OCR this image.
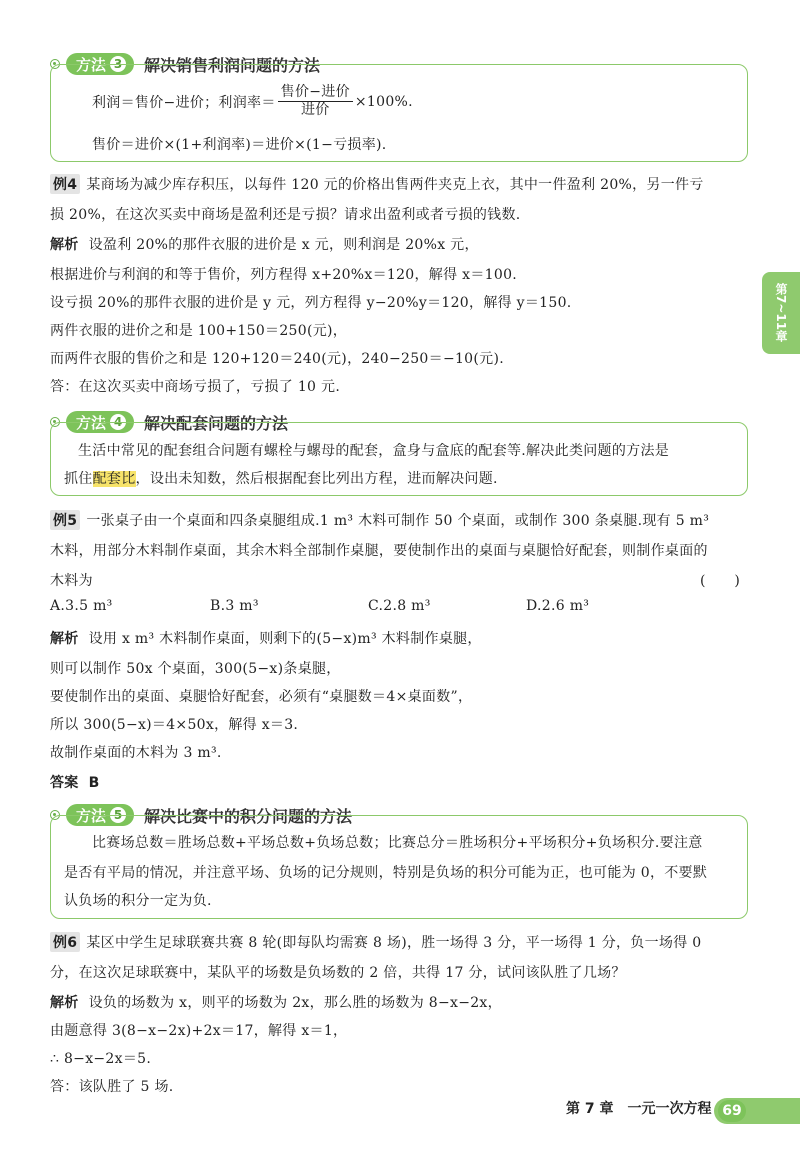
方法 3 解决销售利润问题的方法
利润＝售价−进价；利润率＝ $\frac{\text{售价−进价}}{\text{进价}} \times 100\%$.
售价＝进价×(1+利润率)＝进价×(1−亏损率).
例4 某商场为减少库存积压，以每件 120 元的价格出售两件夹克上衣，其中一件盈利 20%，另一件亏
损 20%，在这次买卖中商场是盈利还是亏损？请求出盈利或者亏损的钱数.
解析 设盈利 20%的那件衣服的进价是 x 元，则利润是 20%x 元，
根据进价与利润的和等于售价，列方程得 x+20%x＝120，解得 x＝100.
设亏损 20%的那件衣服的进价是 y 元，列方程得 y−20%y＝120，解得 y＝150.
两件衣服的进价之和是 100+150＝250(元)，
而两件衣服的售价之和是 120+120＝240(元)，240−250＝−10(元).
答：在这次买卖中商场亏损了，亏损了 10 元.
方法 4 解决配套问题的方法
生活中常见的配套组合问题有螺栓与螺母的配套，盒身与盒底的配套等.解决此类问题的方法是
抓住配套比，设出未知数，然后根据配套比列出方程，进而解决问题.
例5 一张桌子由一个桌面和四条桌腿组成.1 m³ 木料可制作 50 个桌面，或制作 300 条桌腿.现有 5 m³
木料，用部分木料制作桌面，其余木料全部制作桌腿，要使制作出的桌面与桌腿恰好配套，则制作桌面的
木料为	(　　)
A.3.5 m³	B.3 m³	C.2.8 m³	D.2.6 m³
解析 设用 x m³ 木料制作桌面，则剩下的(5−x)m³ 木料制作桌腿，
则可以制作 50x 个桌面，300(5−x)条桌腿，
要使制作出的桌面、桌腿恰好配套，必须有“桌腿数＝4×桌面数”，
所以 300(5−x)＝4×50x，解得 x＝3.
故制作桌面的木料为 3 m³.
答案 B
方法 5 解决比赛中的积分问题的方法
比赛场总数＝胜场总数+平场总数+负场总数；比赛总分＝胜场积分+平场积分+负场积分.要注意
是否有平局的情况，并注意平场、负场的记分规则，特别是负场的积分可能为正，也可能为 0，不要默
认负场的积分一定为负.
例6 某区中学生足球联赛共赛 8 轮(即每队均需赛 8 场)，胜一场得 3 分，平一场得 1 分，负一场得 0
分，在这次足球联赛中，某队平的场数是负场数的 2 倍，共得 17 分，试问该队胜了几场？
解析 设负的场数为 x，则平的场数为 2x，那么胜的场数为 8−x−2x，
由题意得 3(8−x−2x)+2x＝17，解得 x＝1，
∴ 8−x−2x＝5.
答：该队胜了 5 场.
第7~11章
第 7 章　一元一次方程 69
